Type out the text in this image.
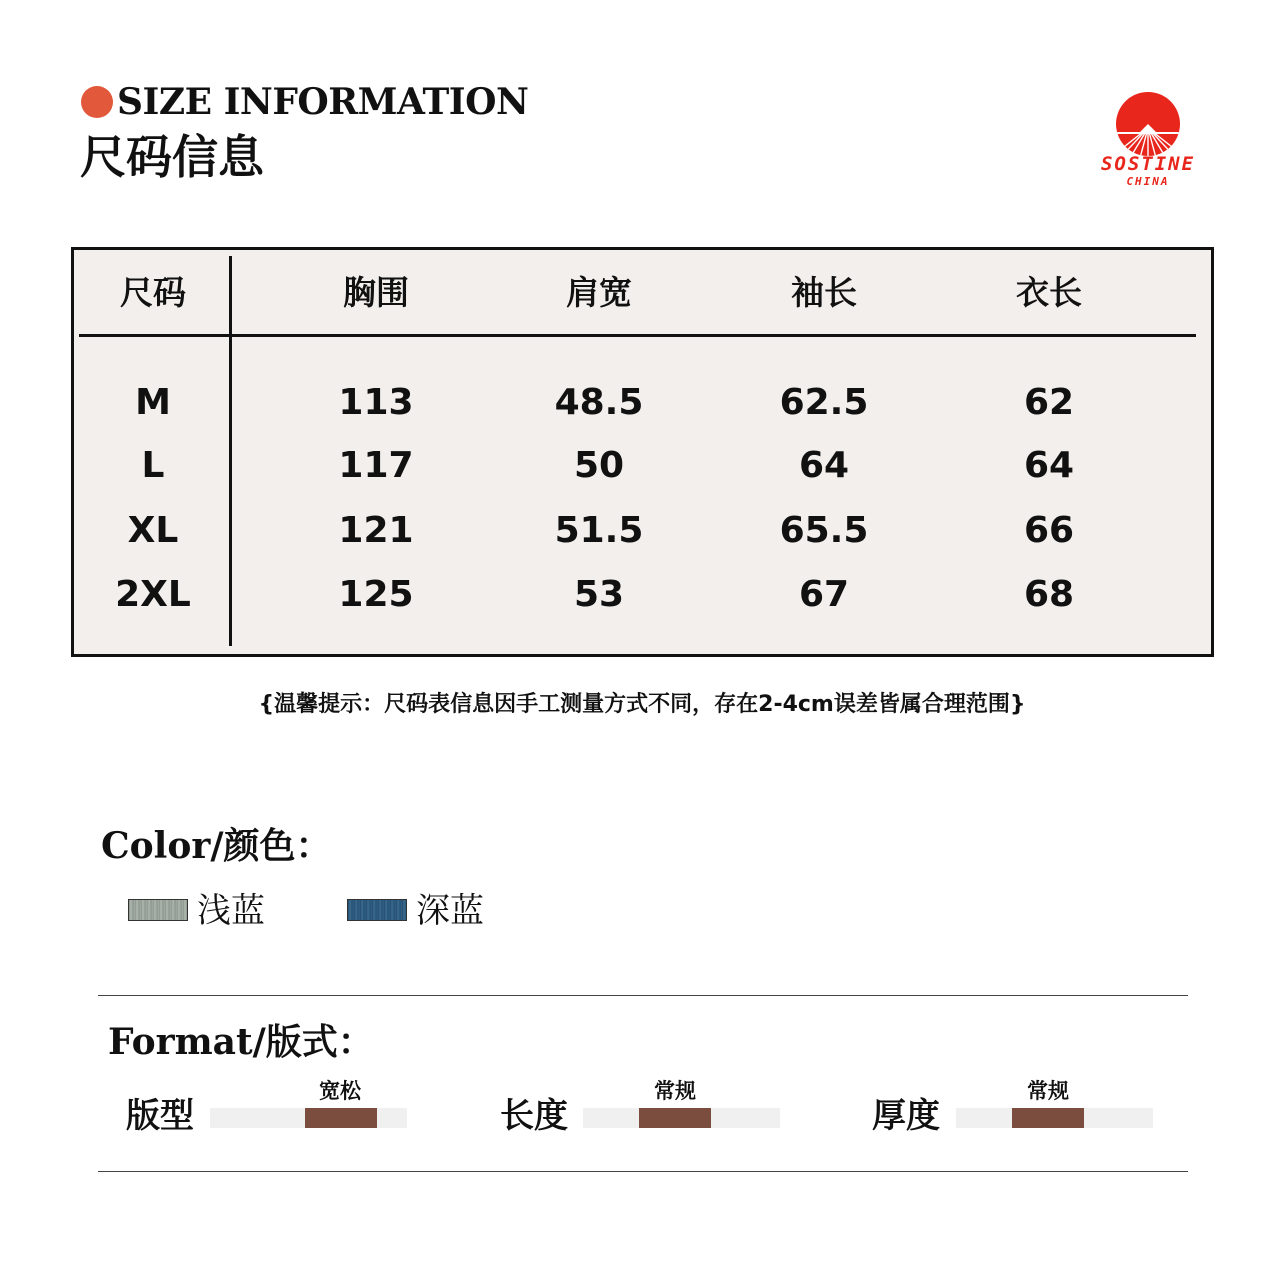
SIZE INFORMATION
尺码信息	SOSTINE
CHINA
尺码	胸围	肩宽	袖长	衣长
M	113	48.5	62.5	62
L	117	50	64	64
XL	121	51.5	65.5	66
2XL	125	53	67	68
{温馨提示：尺码表信息因手工测量方式不同，存在2-4cm误差皆属合理范围}
Color/颜色：
浅蓝	深蓝
Format/版式：
版型
宽松
长度
常规
厚度
常规
